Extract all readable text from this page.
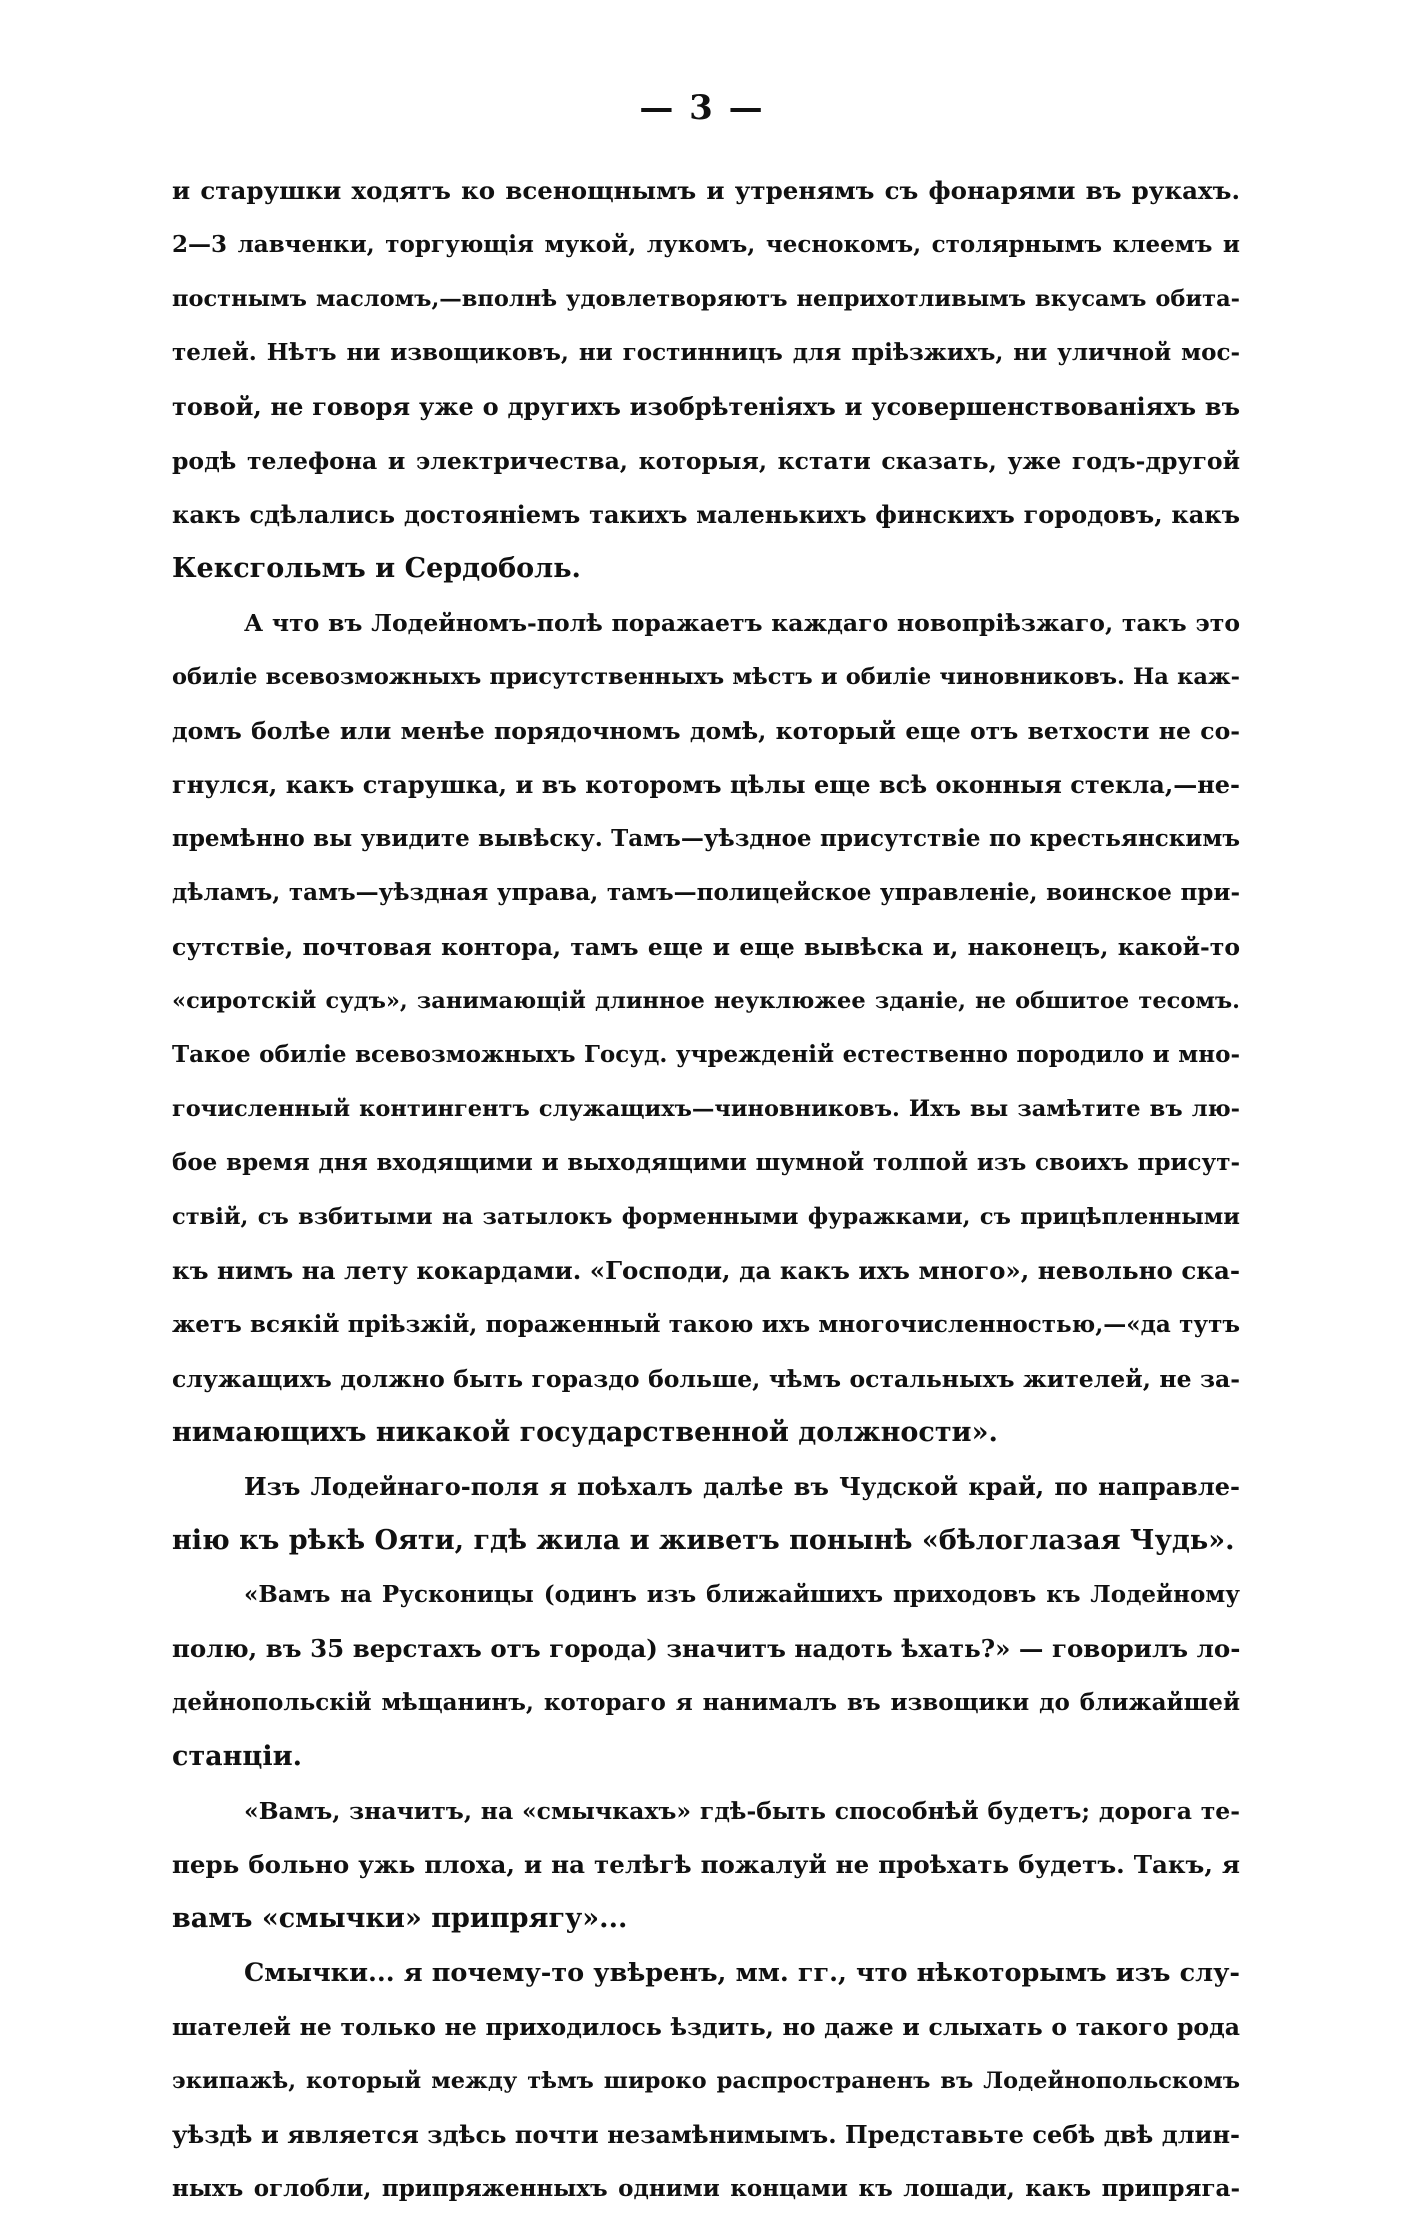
— 3 —
и старушки ходятъ ко всенощнымъ и утренямъ съ фонарями въ рукахъ.
2—3 лавченки, торгующія мукой, лукомъ, чеснокомъ, столярнымъ клеемъ и
постнымъ масломъ,—вполнѣ удовлетворяютъ неприхотливымъ вкусамъ обита-
телей. Нѣтъ ни извощиковъ, ни гостинницъ для пріѣзжихъ, ни уличной мос-
товой, не говоря уже о другихъ изобрѣтеніяхъ и усовершенствованіяхъ въ
родѣ телефона и электричества, которыя, кстати сказать, уже годъ-другой
какъ сдѣлались достояніемъ такихъ маленькихъ финскихъ городовъ, какъ
Кексгольмъ и Сердоболь.
А что въ Лодейномъ-полѣ поражаетъ каждаго новопріѣзжаго, такъ это
обиліе всевозможныхъ присутственныхъ мѣстъ и обиліе чиновниковъ. На каж-
домъ болѣе или менѣе порядочномъ домѣ, который еще отъ ветхости не со-
гнулся, какъ старушка, и въ которомъ цѣлы еще всѣ оконныя стекла,—не-
премѣнно вы увидите вывѣску. Тамъ—уѣздное присутствіе по крестьянскимъ
дѣламъ, тамъ—уѣздная управа, тамъ—полицейское управленіе, воинское при-
сутствіе, почтовая контора, тамъ еще и еще вывѣска и, наконецъ, какой-то
«сиротскій судъ», занимающій длинное неуклюжее зданіе, не обшитое тесомъ.
Такое обиліе всевозможныхъ Госуд. учрежденій естественно породило и мно-
гочисленный контингентъ служащихъ—чиновниковъ. Ихъ вы замѣтите въ лю-
бое время дня входящими и выходящими шумной толпой изъ своихъ присут-
ствій, съ взбитыми на затылокъ форменными фуражками, съ прицѣпленными
къ нимъ на лету кокардами. «Господи, да какъ ихъ много», невольно ска-
жетъ всякій пріѣзжій, пораженный такою ихъ многочисленностью,—«да тутъ
служащихъ должно быть гораздо больше, чѣмъ остальныхъ жителей, не за-
нимающихъ никакой государственной должности».
Изъ Лодейнаго-поля я поѣхалъ далѣе въ Чудской край, по направле-
нію къ рѣкѣ Ояти, гдѣ жила и живетъ понынѣ «бѣлоглазая Чудь».
«Вамъ на Русконицы (одинъ изъ ближайшихъ приходовъ къ Лодейному
полю, въ 35 верстахъ отъ города) значитъ надоть ѣхать?» — говорилъ ло-
дейнопольскій мѣщанинъ, котораго я нанималъ въ извощики до ближайшей
станціи.
«Вамъ, значитъ, на «смычкахъ» гдѣ-быть способнѣй будетъ; дорога те-
перь больно ужь плоха, и на телѣгѣ пожалуй не проѣхать будетъ. Такъ, я
вамъ «смычки» припрягу»...
Смычки... я почему-то увѣренъ, мм. гг., что нѣкоторымъ изъ слу-
шателей не только не приходилось ѣздить, но даже и слыхать о такого рода
экипажѣ, который между тѣмъ широко распространенъ въ Лодейнопольскомъ
уѣздѣ и является здѣсь почти незамѣнимымъ. Представьте себѣ двѣ длин-
ныхъ оглобли, припряженныхъ одними концами къ лошади, какъ припряга-
